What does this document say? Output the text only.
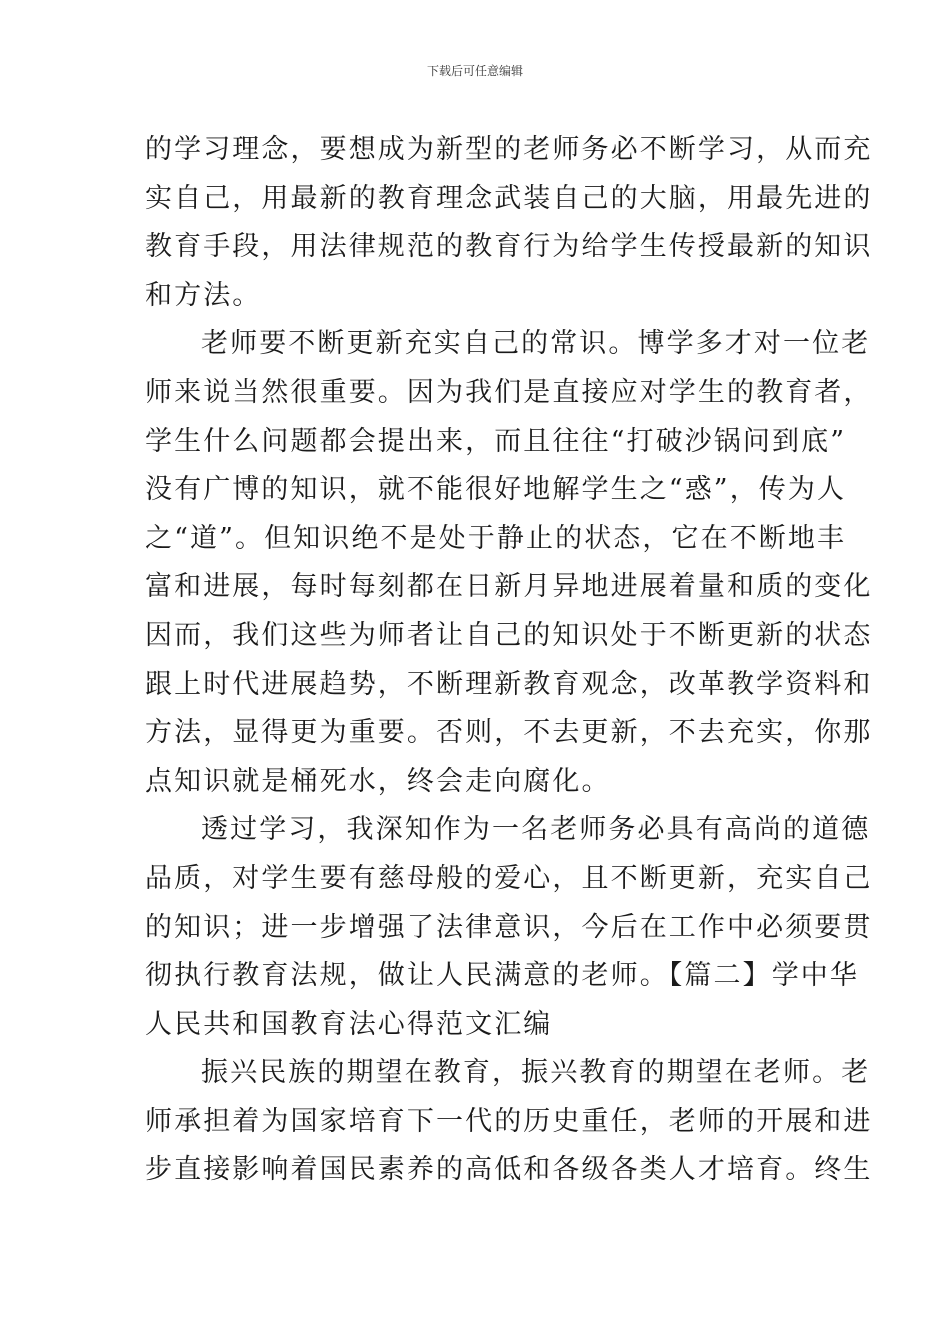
下载后可任意编辑
的学习理念，要想成为新型的老师务必不断学习，从而充
实自己，用最新的教育理念武装自己的大脑，用最先进的
教育手段，用法律规范的教育行为给学生传授最新的知识
和方法。
老师要不断更新充实自己的常识。博学多才对一位老
师来说当然很重要。因为我们是直接应对学生的教育者，
学生什么问题都会提出来，而且往往“打破沙锅问到底”
没有广博的知识，就不能很好地解学生之“惑”，传为人
之“道”。但知识绝不是处于静止的状态，它在不断地丰
富和进展，每时每刻都在日新月异地进展着量和质的变化
因而，我们这些为师者让自己的知识处于不断更新的状态
跟上时代进展趋势，不断理新教育观念，改革教学资料和
方法，显得更为重要。否则，不去更新，不去充实，你那
点知识就是桶死水，终会走向腐化。
透过学习，我深知作为一名老师务必具有高尚的道德
品质，对学生要有慈母般的爱心，且不断更新，充实自己
的知识；进一步增强了法律意识，今后在工作中必须要贯
彻执行教育法规，做让人民满意的老师。【篇二】学中华
人民共和国教育法心得范文汇编
振兴民族的期望在教育，振兴教育的期望在老师。老
师承担着为国家培育下一代的历史重任，老师的开展和进
步直接影响着国民素养的高低和各级各类人才培育。终生
